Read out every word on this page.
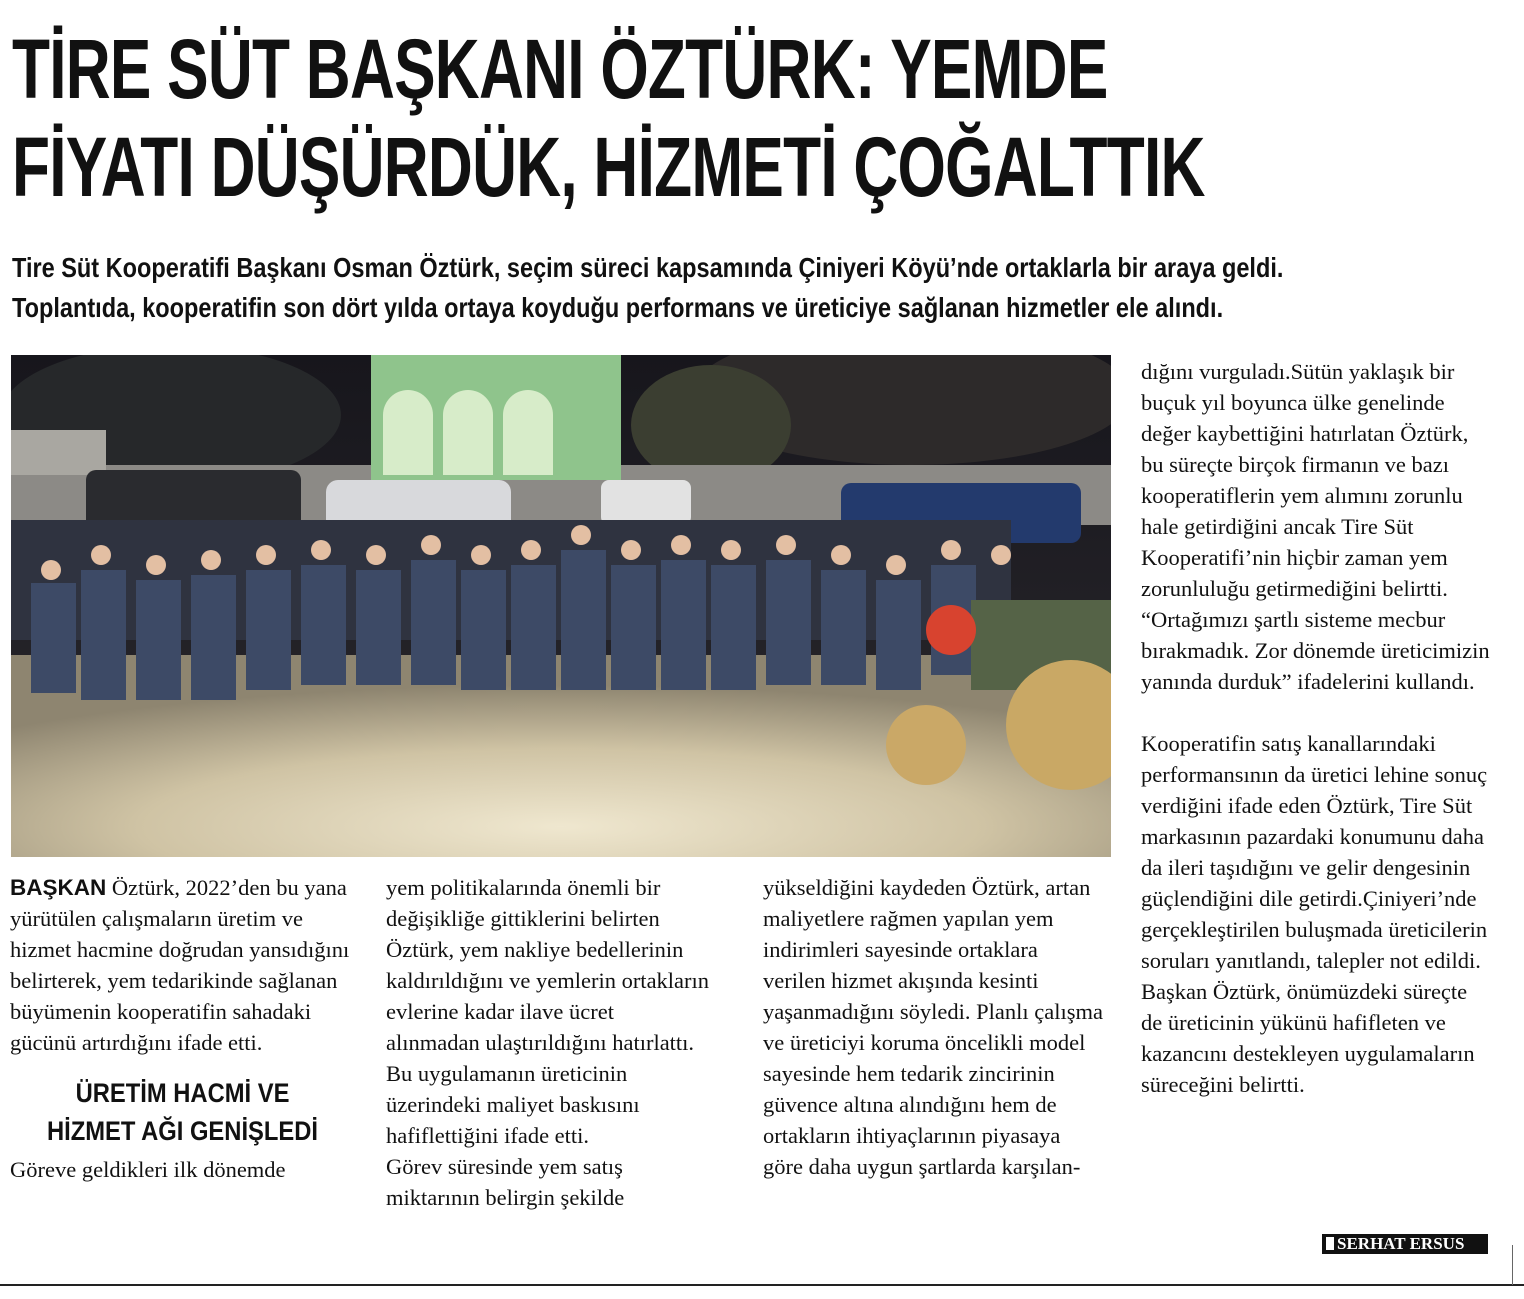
TİRE SÜT BAŞKANI ÖZTÜRK: YEMDE
FİYATI DÜŞÜRDÜK, HİZMETİ ÇOĞALTTIK
Tire Süt Kooperatifi Başkanı Osman Öztürk, seçim süreci kapsamında Çiniyeri Köyü’nde ortaklarla bir araya geldi.
Toplantıda, kooperatifin son dört yılda ortaya koyduğu performans ve üreticiye sağlanan hizmetler ele alındı.

BAŞKAN Öztürk, 2022’den bu yana yürütülen çalışmaların üretim ve hizmet hacmine doğrudan yansıdığını belirterek, yem tedarikinde sağlanan büyümenin kooperatifin sahadaki gücünü artırdığını ifade etti.

ÜRETİM HACMİ VE
HİZMET AĞI GENİŞLEDİ

Göreve geldikleri ilk dönemde

yem politikalarında önemli bir değişikliğe gittiklerini belirten Öztürk, yem nakliye bedellerinin kaldırıldığını ve yemlerin ortakların evlerine kadar ilave ücret alınmadan ulaştırıldığını hatırlattı. Bu uygulamanın üreticinin üzerindeki maliyet baskısını hafiflettiğini ifade etti.

Görev süresinde yem satış miktarının belirgin şekilde

yükseldiğini kaydeden Öztürk, artan maliyetlere rağmen yapılan yem indirimleri sayesinde ortaklara verilen hizmet akışında kesinti yaşanmadığını söyledi. Planlı çalışma ve üreticiyi koruma öncelikli model sayesinde hem tedarik zincirinin güvence altına alındığını hem de ortakların ihtiyaçlarının piyasaya göre daha uygun şartlarda karşılan-

dığını vurguladı.Sütün yaklaşık bir buçuk yıl boyunca ülke genelinde değer kaybettiğini hatırlatan Öztürk, bu süreçte birçok firmanın ve bazı kooperatiflerin yem alımını zorunlu hale getirdiğini ancak Tire Süt Kooperatifi’nin hiçbir zaman yem zorunluluğu getirmediğini belirtti. “Ortağımızı şartlı sisteme mecbur bırakmadık. Zor dönemde üreticimizin yanında durduk” ifadelerini kullandı.

Kooperatifin satış kanallarındaki performansının da üretici lehine sonuç verdiğini ifade eden Öztürk, Tire Süt markasının pazardaki konumunu daha da ileri taşıdığını ve gelir dengesinin güçlendiğini dile getirdi.Çiniyeri’nde gerçekleştirilen buluşmada üreticilerin soruları yanıtlandı, talepler not edildi. Başkan Öztürk, önümüzdeki süreçte de üreticinin yükünü hafifleten ve kazancını destekleyen uygulamaların süreceğini belirtti.

SERHAT ERSUS
